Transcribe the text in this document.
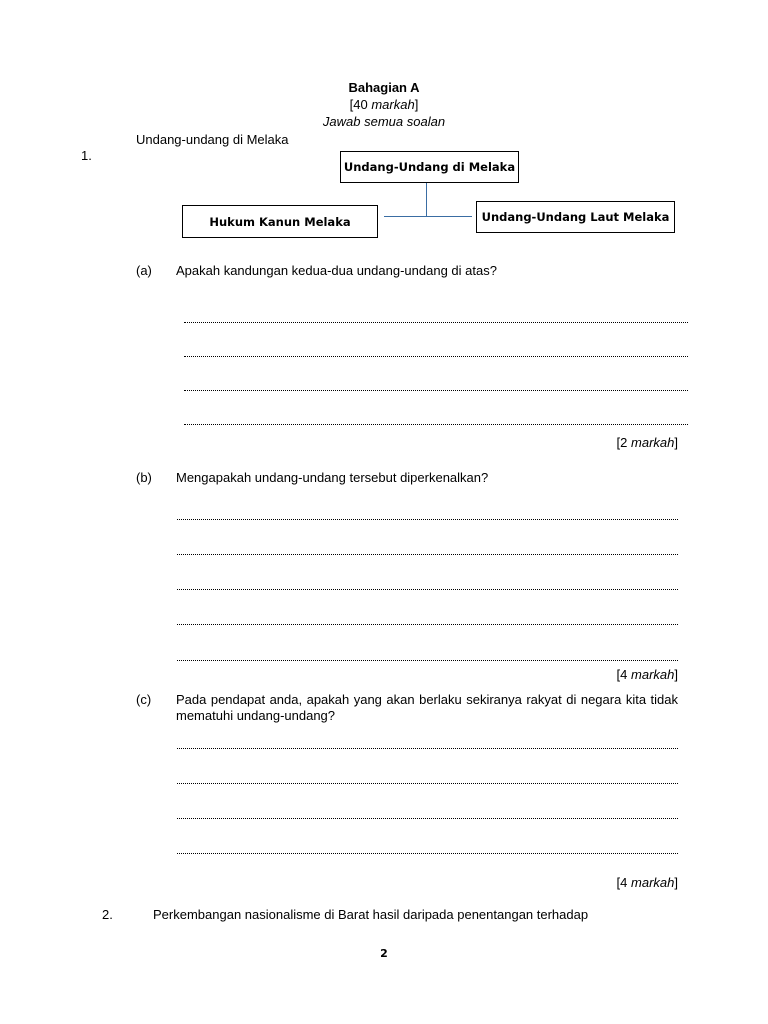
Bahagian A
[40 markah]
Jawab semua soalan
Undang-undang di Melaka
1.
Undang-Undang di Melaka
Hukum Kanun Melaka	Undang-Undang Laut Melaka
(a) Apakah kandungan kedua-dua undang-undang di atas?
[2 markah]
(b) Mengapakah undang-undang tersebut diperkenalkan?
[4 markah]
(c) Pada pendapat anda, apakah yang akan berlaku sekiranya rakyat di negara kita tidak mematuhi undang-undang?
[4 markah]
2.	Perkembangan nasionalisme di Barat hasil daripada penentangan terhadap
2
